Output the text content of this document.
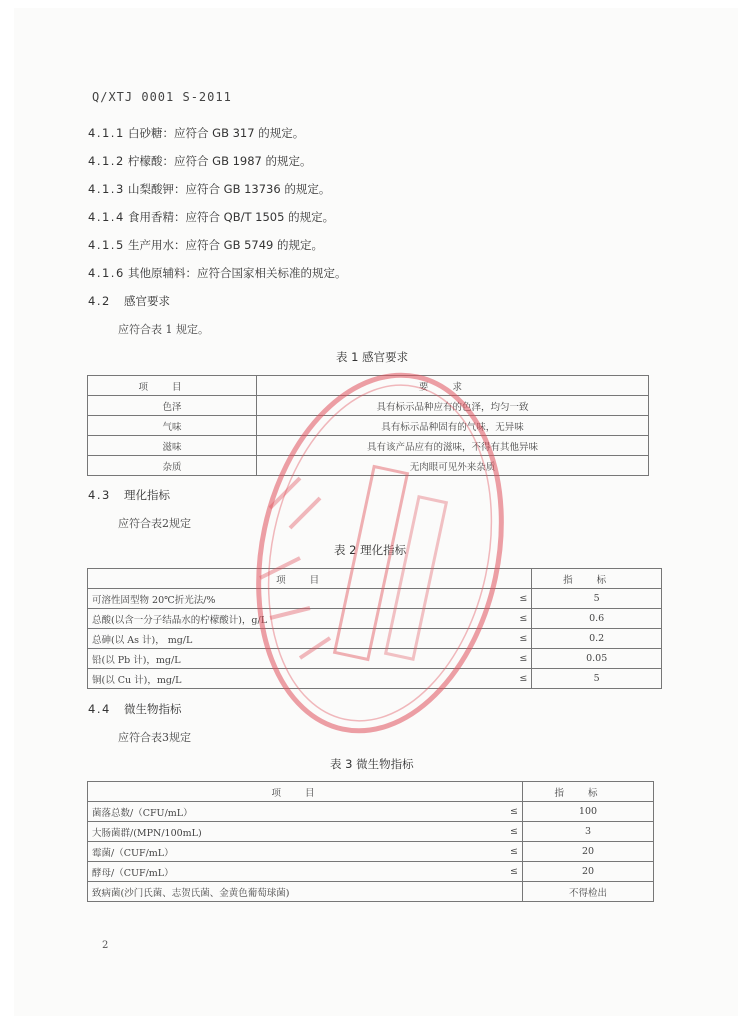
Q/XTJ 0001 S-2011
4.1.1 白砂糖：应符合 GB 317 的规定。
4.1.2 柠檬酸：应符合 GB 1987 的规定。
4.1.3 山梨酸钾：应符合 GB 13736 的规定。
4.1.4 食用香精：应符合 QB/T 1505 的规定。
4.1.5 生产用水：应符合 GB 5749 的规定。
4.1.6 其他原辅料：应符合国家相关标准的规定。
4.2 感官要求
应符合表 1 规定。
表 1 感官要求
项目	要求
色泽	具有标示品种应有的色泽，均匀一致
气味	具有标示品种固有的气味，无异味
滋味	具有该产品应有的滋味，不得有其他异味
杂质	无肉眼可见外来杂质
4.3 理化指标
应符合表2规定
表 2 理化指标
项目		指标
可溶性固型物 20℃折光法/%	≤	5
总酸(以含一分子结晶水的柠檬酸计)，g/L	≤	0.6
总砷(以 As 计)， mg/L	≤	0.2
铅(以 Pb 计)，mg/L	≤	0.05
铜(以 Cu 计)，mg/L	≤	5
4.4 微生物指标
应符合表3规定
表 3 微生物指标
项目		指标
菌落总数/（CFU/mL）	≤	100
大肠菌群/(MPN/100mL)	≤	3
霉菌/（CUF/mL）	≤	20
酵母/（CUF/mL）	≤	20
致病菌(沙门氏菌、志贺氏菌、金黄色葡萄球菌)		不得检出
2
